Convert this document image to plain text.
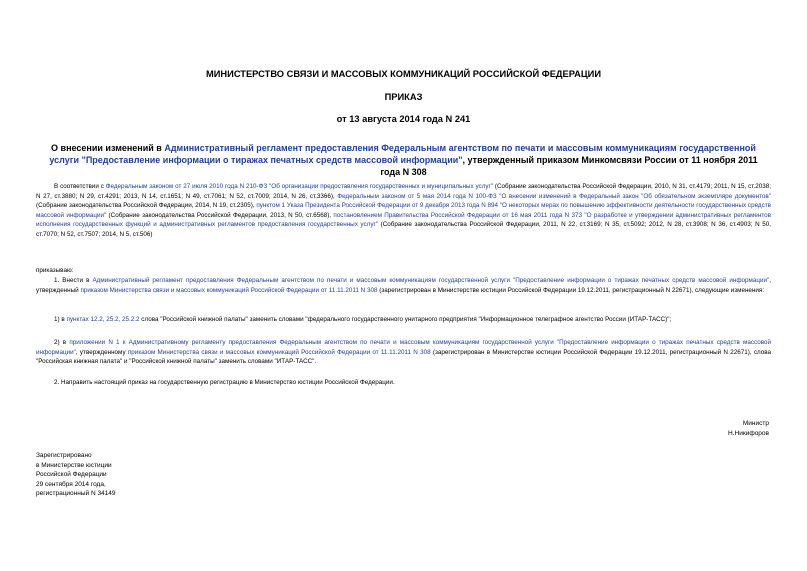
МИНИСТЕРСТВО СВЯЗИ И МАССОВЫХ КОММУНИКАЦИЙ РОССИЙСКОЙ ФЕДЕРАЦИИ
ПРИКАЗ
от 13 августа 2014 года N 241
О внесении изменений в Административный регламент предоставления Федеральным агентством по печати и массовым коммуникациям государственной услуги "Предоставление информации о тиражах печатных средств массовой информации", утвержденный приказом Минкомсвязи России от 11 ноября 2011 года N 308
В соответствии с Федеральным законом от 27 июля 2010 года N 210-ФЗ "Об организации предоставления государственных и муниципальных услуг" (Собрание законодательства Российской Федерации, 2010, N 31, ст.4179; 2011, N 15, ст.2038; N 27, ст.3880; N 29, ст.4291; 2013, N 14, ст.1651; N 49, ст.7061; N 52, ст.7009; 2014, N 26, ст.3366), Федеральным законом от 5 мая 2014 года N 100-ФЗ "О внесении изменений в Федеральный закон "Об обязательном экземпляре документов" (Собрание законодательства Российской Федерации, 2014, N 19, ст.2305), пунктом 1 Указа Президента Российской Федерации от 9 декабря 2013 года N 894 "О некоторых мерах по повышению эффективности деятельности государственных средств массовой информации" (Собрание законодательства Российской Федерации, 2013, N 50, ст.6568), постановлением Правительства Российской Федерации от 16 мая 2011 года N 373 "О разработке и утверждении административных регламентов исполнения государственных функций и административных регламентов предоставления государственных услуг" (Собрание законодательства Российской Федерации, 2011, N 22, ст.3169; N 35, ст.5092; 2012, N 28, ст.3908; N 36, ст.4903; N 50, ст.7070; N 52, ст.7507; 2014, N 5, ст.506)
приказываю:
1. Внести в Административный регламент предоставления Федеральным агентством по печати и массовым коммуникациям государственной услуги "Предоставление информации о тиражах печатных средств массовой информации", утвержденный приказом Министерства связи и массовых коммуникаций Российской Федерации от 11.11.2011 N 308 (зарегистрирован в Министерстве юстиции Российской Федерации 19.12.2011, регистрационный N 22671), следующие изменения:
1) в пунктах 12.2, 25.2, 25.2.2 слова "Российской книжной палаты" заменить словами "федерального государственного унитарного предприятия "Информационное телеграфное агентство России (ИТАР-ТАСС)";
2) в приложении N 1 к Административному регламенту предоставления Федеральным агентством по печати и массовым коммуникациям государственной услуги "Предоставление информации о тиражах печатных средств массовой информации", утвержденному приказом Министерства связи и массовых коммуникаций Российской Федерации от 11.11.2011 N 308 (зарегистрирован в Министерстве юстиции Российской Федерации 19.12.2011, регистрационный N 22671), слова "Российская книжная палата" и "Российской книжной палаты" заменить словами "ИТАР-ТАСС".
2. Направить настоящий приказ на государственную регистрацию в Министерство юстиции Российской Федерации.
Министр
Н.Никифоров
Зарегистрировано
в Министерстве юстиции
Российской Федерации
29 сентября 2014 года,
регистрационный N 34149
